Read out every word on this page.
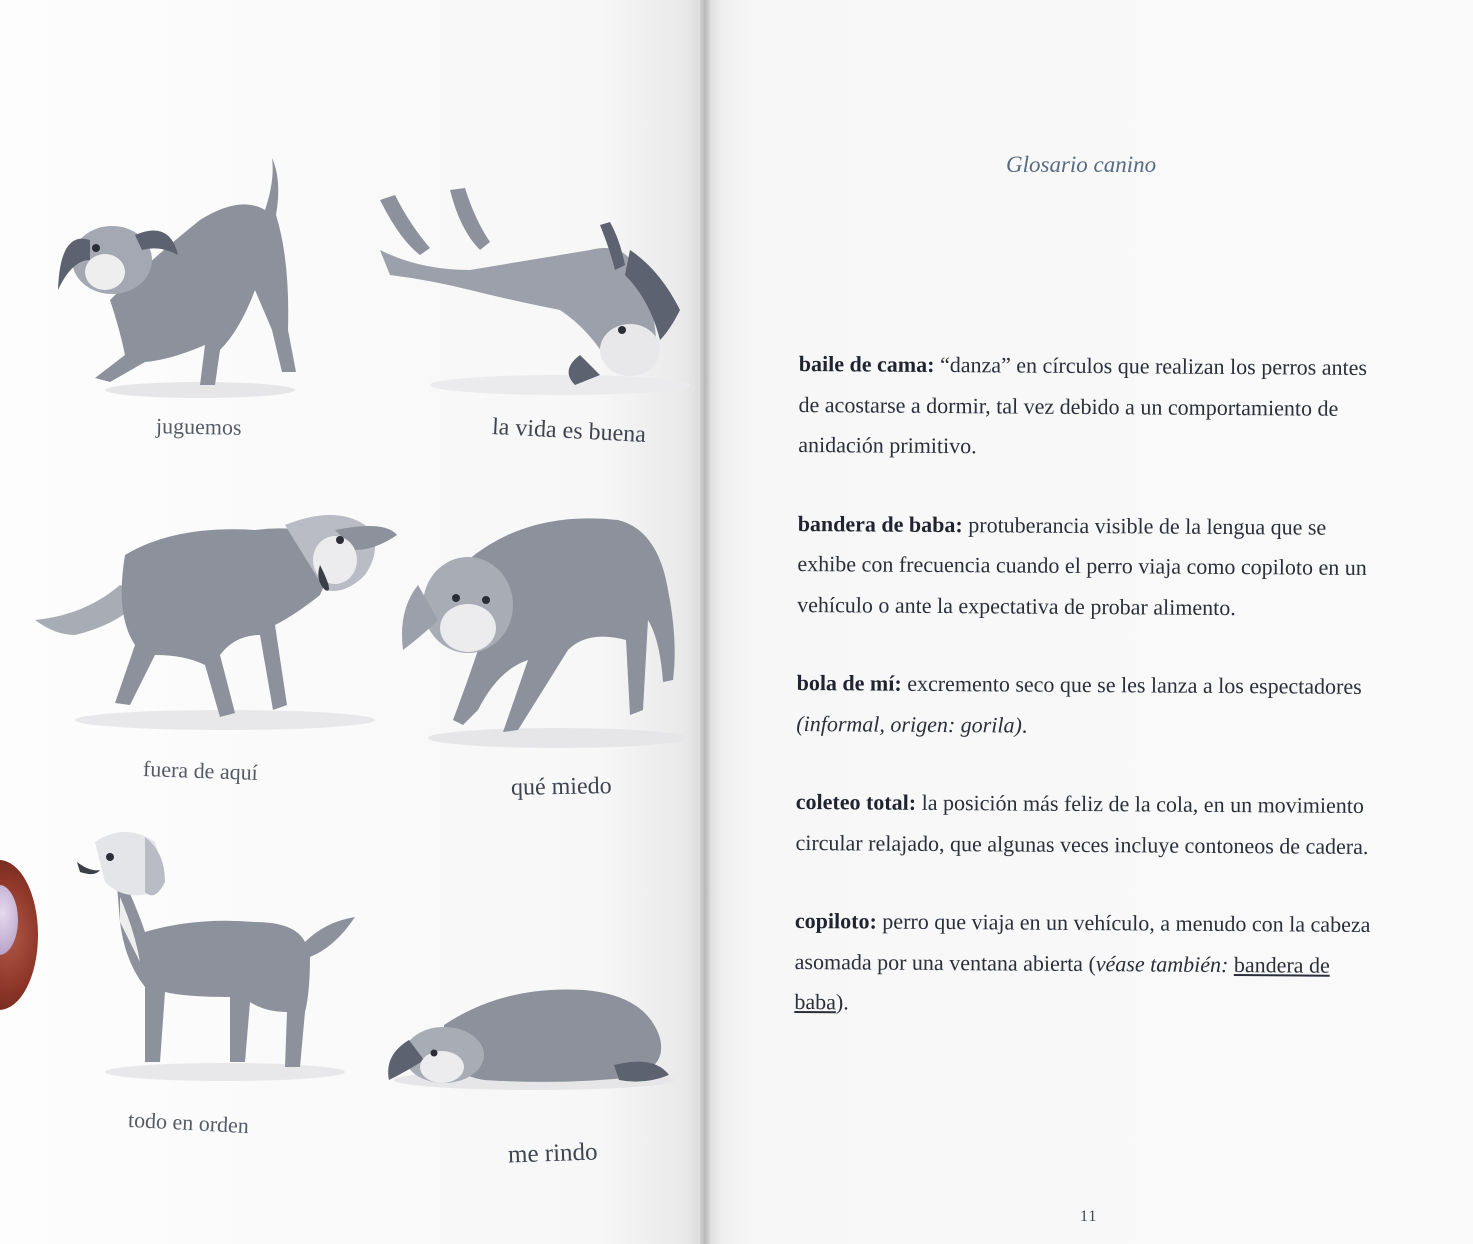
juguemos	la vida es buena
fuera de aquí
qué miedo
todo en orden
me rindo
Glosario canino

baile de cama: “danza” en círculos que realizan los perros antes de acostarse a dormir, tal vez debido a un comportamiento de anidación primitivo.

bandera de baba: protuberancia visible de la lengua que se exhibe con frecuencia cuando el perro viaja como copiloto en un vehículo o ante la expectativa de probar alimento.

bola de mí: excremento seco que se les lanza a los espectadores (informal, origen: gorila).

coleteo total: la posición más feliz de la cola, en un movimiento circular relajado, que algunas veces incluye contoneos de cadera.

copiloto: perro que viaja en un vehículo, a menudo con la cabeza asomada por una ventana abierta (véase también: bandera de baba).

11
